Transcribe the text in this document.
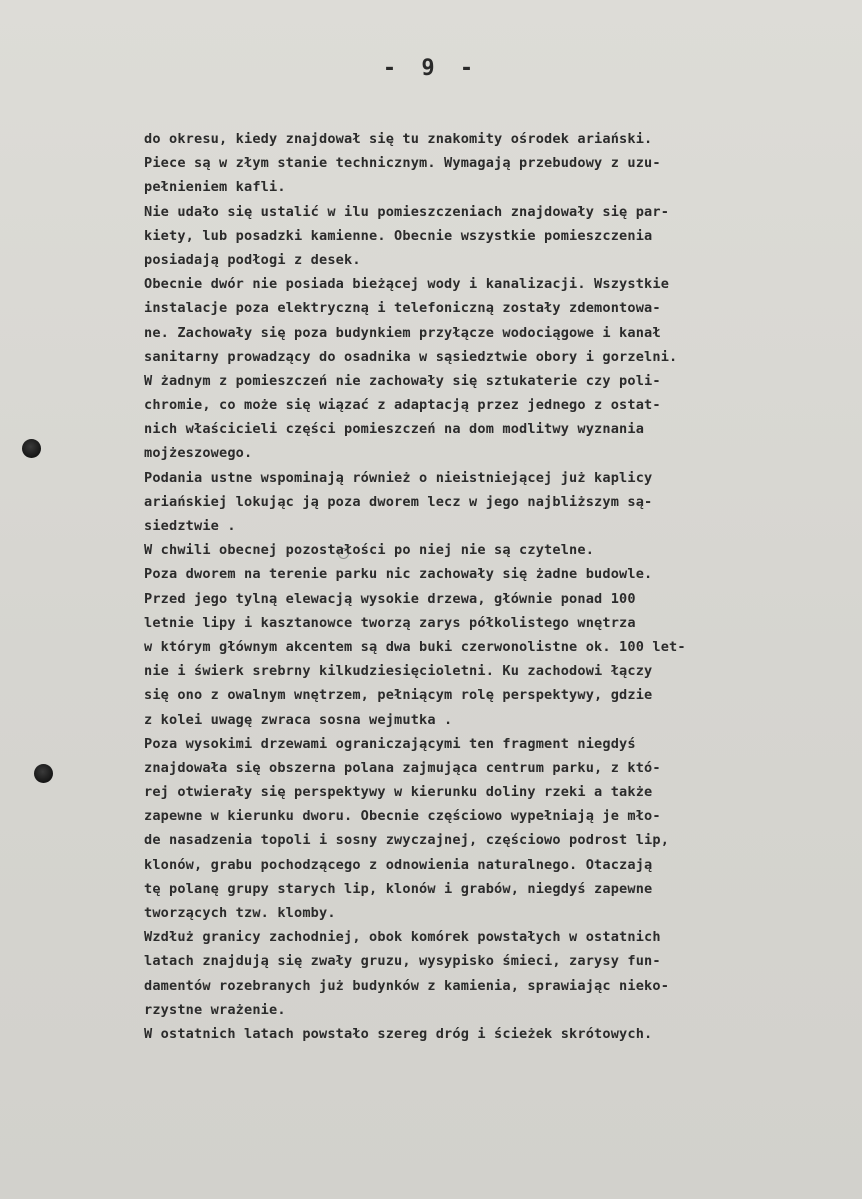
- 9 -
do okresu, kiedy znajdował się tu znakomity ośrodek ariański.
Piece są w złym stanie technicznym. Wymagają przebudowy z uzu-
pełnieniem kafli.
Nie udało się ustalić w ilu pomieszczeniach znajdowały się par-
kiety, lub posadzki kamienne. Obecnie wszystkie pomieszczenia
posiadają podłogi z desek.
Obecnie dwór nie posiada bieżącej wody i kanalizacji. Wszystkie
instalacje poza elektryczną i telefoniczną zostały zdemontowa-
ne. Zachowały się poza budynkiem przyłącze wodociągowe i kanał
sanitarny prowadzący do osadnika w sąsiedztwie obory i gorzelni.
W żadnym z pomieszczeń nie zachowały się sztukaterie czy poli-
chromie, co może się wiązać z adaptacją przez jednego z ostat-
nich właścicieli części pomieszczeń na dom modlitwy wyznania
mojżeszowego.
Podania ustne wspominają również o nieistniejącej już kaplicy
ariańskiej lokując ją poza dworem lecz w jego najbliższym są-
siedztwie .
W chwili obecnej pozostałości po niej nie są czytelne.
Poza dworem na terenie parku nic zachowały się żadne budowle.
Przed jego tylną elewacją wysokie drzewa, głównie ponad 100
letnie lipy i kasztanowce tworzą zarys półkolistego wnętrza
w którym głównym akcentem są dwa buki czerwonolistne ok. 100 let-
nie i świerk srebrny kilkudziesięcioletni. Ku zachodowi łączy
się ono z owalnym wnętrzem, pełniącym rolę perspektywy, gdzie
z kolei uwagę zwraca sosna wejmutka .
Poza wysokimi drzewami ograniczającymi ten fragment niegdyś
znajdowała się obszerna polana zajmująca centrum parku, z któ-
rej otwierały się perspektywy w kierunku doliny rzeki a także
zapewne w kierunku dworu. Obecnie częściowo wypełniają je mło-
de nasadzenia topoli i sosny zwyczajnej, częściowo podrost lip,
klonów, grabu pochodzącego z odnowienia naturalnego. Otaczają
tę polanę grupy starych lip, klonów i grabów, niegdyś zapewne
tworzących tzw. klomby.
Wzdłuż granicy zachodniej, obok komórek powstałych w ostatnich
latach znajdują się zwały gruzu, wysypisko śmieci, zarysy fun-
damentów rozebranych już budynków z kamienia, sprawiając nieko-
rzystne wrażenie.
W ostatnich latach powstało szereg dróg i ścieżek skrótowych.
